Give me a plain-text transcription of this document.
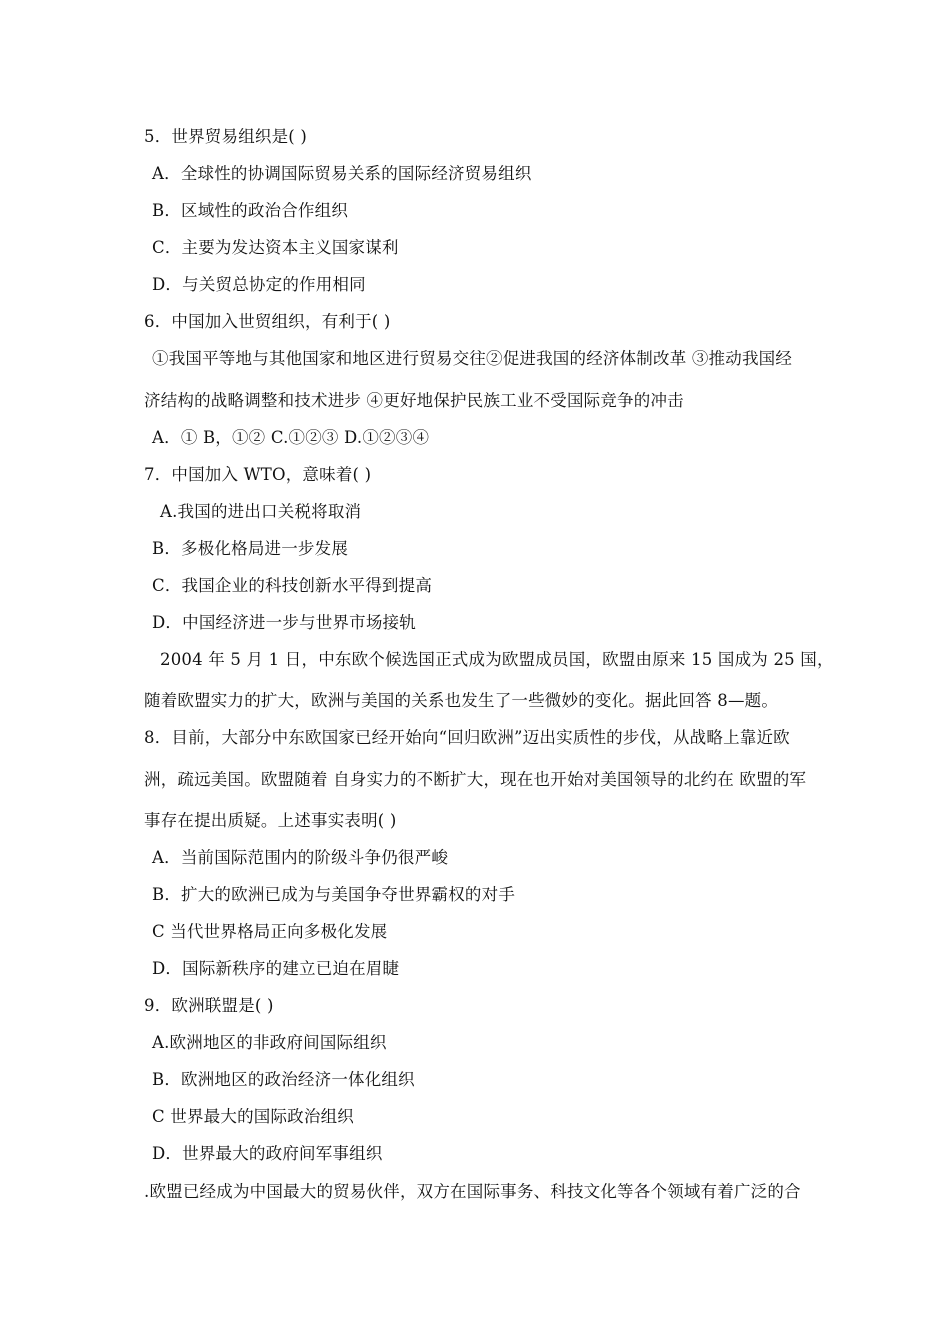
5．世界贸易组织是( )
A．全球性的协调国际贸易关系的国际经济贸易组织
B．区域性的政治合作组织
C．主要为发达资本主义国家谋利
D．与关贸总协定的作用相同
6．中国加入世贸组织，有利于( )
①我国平等地与其他国家和地区进行贸易交往②促进我国的经济体制改革 ③推动我国经
济结构的战略调整和技术进步 ④更好地保护民族工业不受国际竞争的冲击
A．① B，①② C.①②③ D.①②③④
7．中国加入 WTO，意味着( )
A.我国的进出口关税将取消
B．多极化格局进一步发展
C．我国企业的科技创新水平得到提高
D．中国经济进一步与世界市场接轨
2004 年 5 月 1 日，中东欧个候选国正式成为欧盟成员国，欧盟由原来 15 国成为 25 国，
随着欧盟实力的扩大，欧洲与美国的关系也发生了一些微妙的变化。据此回答 8—题。
8．目前，大部分中东欧国家已经开始向“回归欧洲”迈出实质性的步伐，从战略上靠近欧
洲，疏远美国。欧盟随着 自身实力的不断扩大，现在也开始对美国领导的北约在 欧盟的军
事存在提出质疑。上述事实表明( )
A．当前国际范围内的阶级斗争仍很严峻
B．扩大的欧洲已成为与美国争夺世界霸权的对手
C 当代世界格局正向多极化发展
D．国际新秩序的建立已迫在眉睫
9．欧洲联盟是( )
A.欧洲地区的非政府间国际组织
B．欧洲地区的政治经济一体化组织
C 世界最大的国际政治组织
D．世界最大的政府间军事组织
.欧盟已经成为中国最大的贸易伙伴，双方在国际事务、科技文化等各个领域有着广泛的合
